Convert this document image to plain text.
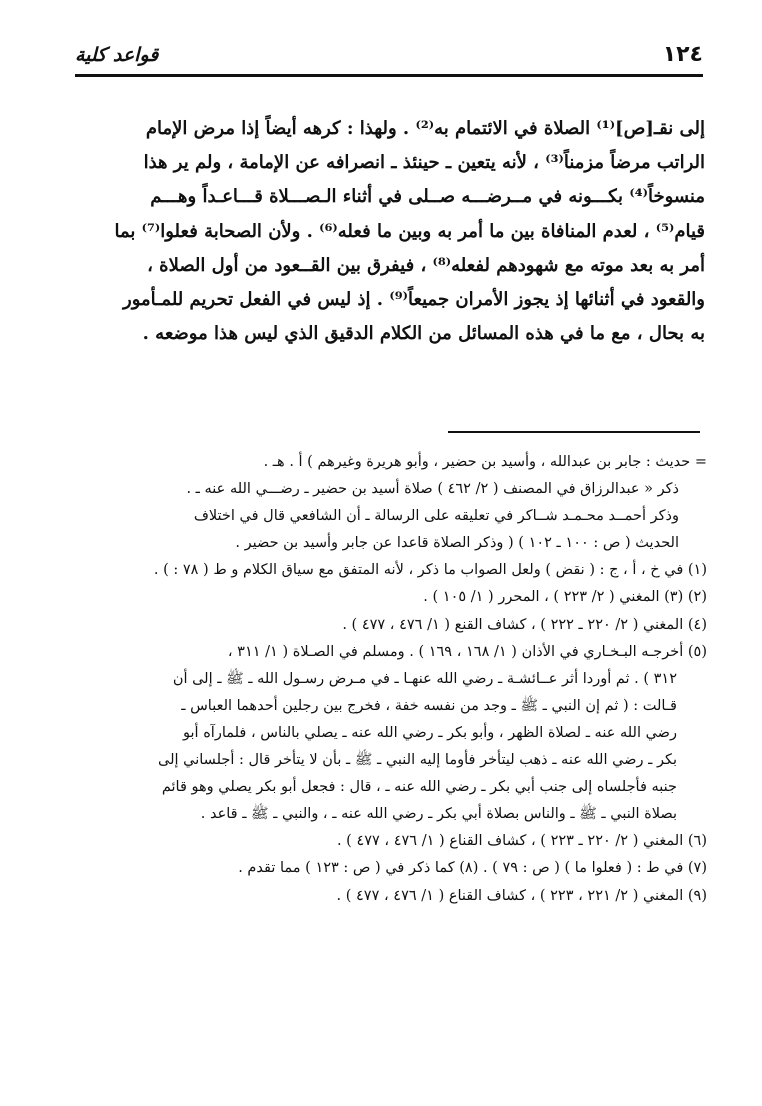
١٢٤
قواعد كلية
إلى نقـ[ص]⁽¹⁾ الصلاة في الائتمام به⁽²⁾ . ولهذا : كرهه أيضاً إذا مرض الإمام
الراتب مرضاً مزمناً⁽³⁾ ، لأنه يتعين ـ حينئذ ـ انصرافه عن الإمامة ، ولم ير هذا
منسوخاً⁽⁴⁾ بكـــونه في مــرضـــه صــلى في أثناء الـصـــلاة قـــاعـداً وهـــم
قيام⁽⁵⁾ ، لعدم المنافاة بين ما أمر به وبين ما فعله⁽⁶⁾ . ولأن الصحابة فعلوا⁽⁷⁾ بما
أمر به بعد موته مع شهودهم لفعله⁽⁸⁾ ، فيفرق بين القــعود من أول الصلاة ،
والقعود في أثنائها إذ يجوز الأمران جميعاً⁽⁹⁾ . إذ ليس في الفعل تحريم للمـأمور
به بحال ، مع ما في هذه المسائل من الكلام الدقيق الذي ليس هذا موضعه .
= حديث : جابر بن عبدالله ، وأسيد بن حضير ، وأبو هريرة وغيرهم ) أ . هـ .
ذكر « عبدالرزاق في المصنف ( ٢/ ٤٦٢ ) صلاة أسيد بن حضير ـ رضـــي الله عنه ـ .
وذكر أحمــد محـمـد شــاكر في تعليقه على الرسالة ـ أن الشافعي قال في اختلاف
الحديث ( ص : ١٠٠ ـ ١٠٢ ) ( وذكر الصلاة قاعدا عن جابر وأسيد بن حضير .
(١) في خ ، أ ، ج : ( نقض ) ولعل الصواب ما ذكر ، لأنه المتفق مع سياق الكلام و ط ( ٧٨ : ) .
(٢) (٣) المغني ( ٢/ ٢٢٣ ) ، المحرر ( ١/ ١٠٥ ) .
(٤) المغني ( ٢/ ٢٢٠ ـ ٢٢٢ ) ، كشاف القنع ( ١/ ٤٧٦ ، ٤٧٧ ) .
(٥) أخرجـه البـخـاري في الأذان ( ١/ ١٦٨ ، ١٦٩ ) . ومسلم في الصـلاة ( ١/ ٣١١ ،
٣١٢ ) . ثم أوردا أثر عــائشـة ـ رضي الله عنهـا ـ في مـرض رسـول الله ـ ﷺ ـ إلى أن
قـالت : ( ثم إن النبي ـ ﷺ ـ وجد من نفسه خفة ، فخرج بين رجلين أحدهما العباس ـ
رضي الله عنه ـ لصلاة الظهر ، وأبو بكر ـ رضي الله عنه ـ يصلي بالناس ، فلمارآه أبو
بكر ـ رضي الله عنه ـ ذهب ليتأخر فأوما إليه النبي ـ ﷺ ـ بأن لا يتأخر قال : أجلساني إلى
جنبه فأجلساه إلى جنب أبي بكر ـ رضي الله عنه ـ ، قال : فجعل أبو بكر يصلي وهو قائم
بصلاة النبي ـ ﷺ ـ والناس بصلاة أبي بكر ـ رضي الله عنه ـ ، والنبي ـ ﷺ ـ قاعد .
(٦) المغني ( ٢/ ٢٢٠ ـ ٢٢٣ ) ، كشاف القناع ( ١/ ٤٧٦ ، ٤٧٧ ) .
(٧) في ط : ( فعلوا ما ) ( ص : ٧٩ ) . (٨) كما ذكر في ( ص : ١٢٣ ) مما تقدم .
(٩) المغني ( ٢/ ٢٢١ ، ٢٢٣ ) ، كشاف القناع ( ١/ ٤٧٦ ، ٤٧٧ ) .
